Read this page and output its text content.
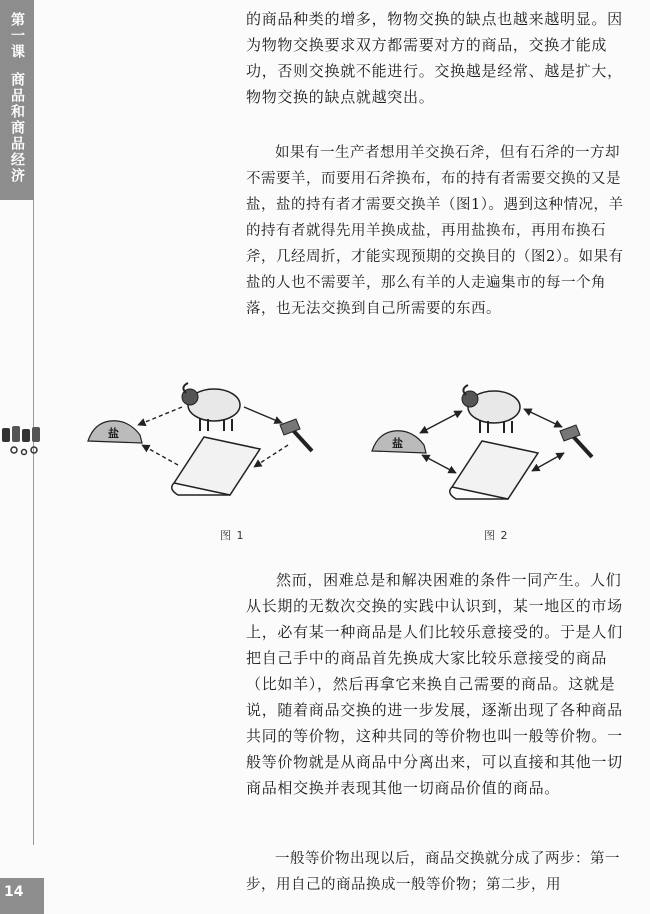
第一课商品和商品经济
14

的商品种类的增多，物物交换的缺点也越来越明显。因为物物交换要求双方都需要对方的商品，交换才能成功，否则交换就不能进行。交换越是经常、越是扩大，物物交换的缺点就越突出。

如果有一生产者想用羊交换石斧，但有石斧的一方却不需要羊，而要用石斧换布，布的持有者需要交换的又是盐，盐的持有者才需要交换羊（图1）。遇到这种情况，羊的持有者就得先用羊换成盐，再用盐换布，再用布换石斧，几经周折，才能实现预期的交换目的（图2）。如果有盐的人也不需要羊，那么有羊的人走遍集市的每一个角落，也无法交换到自己所需要的东西。

盐
盐
图 1	图 2

然而，困难总是和解决困难的条件一同产生。人们从长期的无数次交换的实践中认识到，某一地区的市场上，必有某一种商品是人们比较乐意接受的。于是人们把自己手中的商品首先换成大家比较乐意接受的商品（比如羊），然后再拿它来换自己需要的商品。这就是说，随着商品交换的进一步发展，逐渐出现了各种商品共同的等价物，这种共同的等价物也叫一般等价物。一般等价物就是从商品中分离出来，可以直接和其他一切商品相交换并表现其他一切商品价值的商品。

一般等价物出现以后，商品交换就分成了两步：第一步，用自己的商品换成一般等价物；第二步，用
